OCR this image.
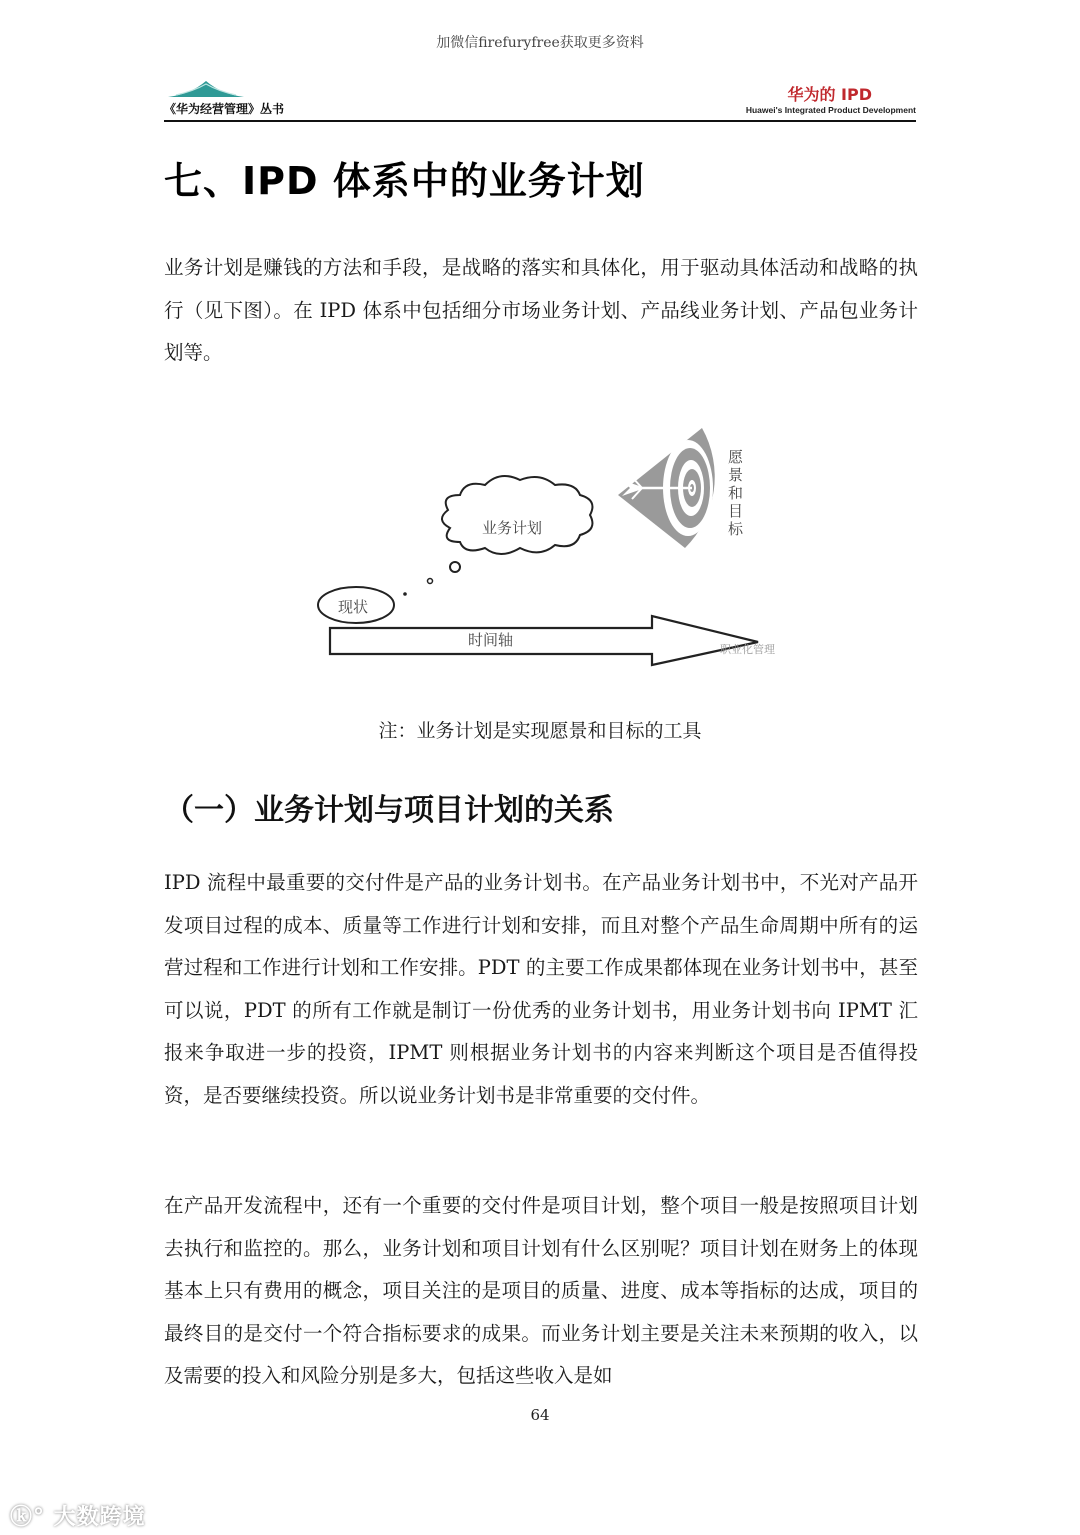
加微信firefuryfree获取更多资料
《华为经营管理》丛书
华为的 IPD
Huawei's Integrated Product Development
七、IPD 体系中的业务计划

业务计划是赚钱的方法和手段，是战略的落实和具体化，用于驱动具体活动和战略的执行（见下图）。在 IPD 体系中包括细分市场业务计划、产品线业务计划、产品包业务计划等。

愿景和目标
业务计划
现状
时间轴
职业化管理
注：业务计划是实现愿景和目标的工具
（一）业务计划与项目计划的关系

IPD 流程中最重要的交付件是产品的业务计划书。在产品业务计划书中，不光对产品开发项目过程的成本、质量等工作进行计划和安排，而且对整个产品生命周期中所有的运营过程和工作进行计划和工作安排。PDT 的主要工作成果都体现在业务计划书中，甚至可以说，PDT 的所有工作就是制订一份优秀的业务计划书，用业务计划书向 IPMT 汇报来争取进一步的投资，IPMT 则根据业务计划书的内容来判断这个项目是否值得投资，是否要继续投资。所以说业务计划书是非常重要的交付件。

在产品开发流程中，还有一个重要的交付件是项目计划，整个项目一般是按照项目计划去执行和监控的。那么，业务计划和项目计划有什么区别呢？项目计划在财务上的体现基本上只有费用的概念，项目关注的是项目的质量、进度、成本等指标的达成，项目的最终目的是交付一个符合指标要求的成果。而业务计划主要是关注未来预期的收入，以及需要的投入和风险分别是多大，包括这些收入是如

64
ⓚ° 大数跨境
